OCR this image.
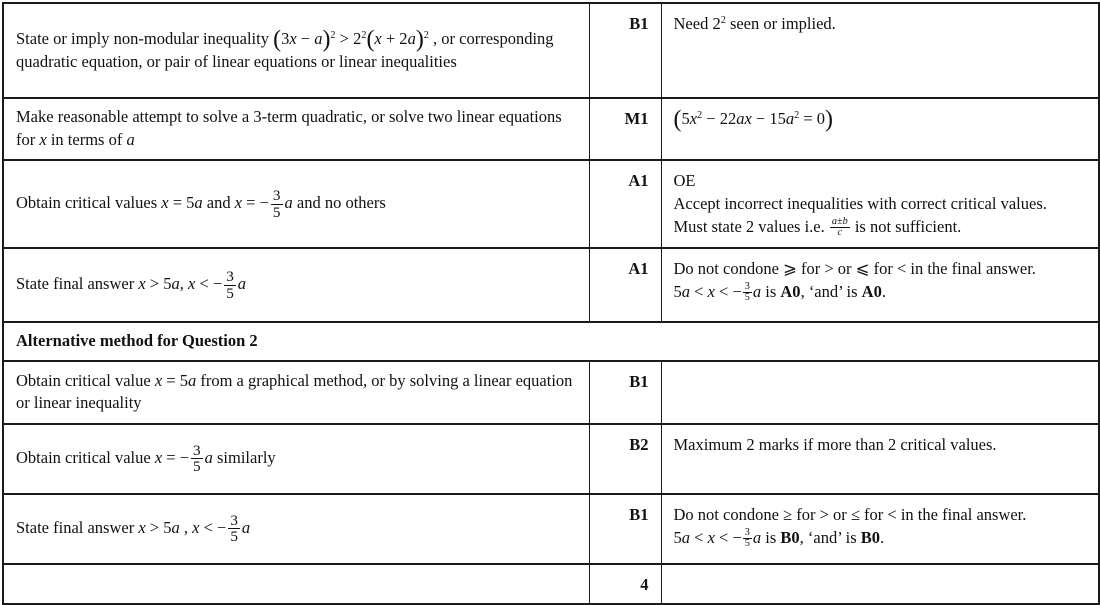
State or imply non-modular inequality $(3x - a)^2 > 2^2(x + 2a)^2$ , or corresponding quadratic equation, or pair of linear equations or linear inequalities	B1	Need $2^2$ seen or implied.
Make reasonable attempt to solve a 3-term quadratic, or solve two linear equations for x in terms of a	M1	$(5x^2 - 22ax - 15a^2 = 0)$
Obtain critical values x = 5a and x = − $\frac{3}{5}$ a and no others	A1	OE
Accept incorrect inequalities with correct critical values.
Must state 2 values i.e. $\frac{a\pm b}{c}$ is not sufficient.
State final answer x > 5a, x < − $\frac{3}{5}$ a	A1	Do not condone ⩾ for > or ⩽ for < in the final answer.
5a < x < − $\frac{3}{5}$ a is A0, ‘and’ is A0.
Alternative method for Question 2		
Obtain critical value x = 5a from a graphical method, or by solving a linear equation or linear inequality	B1	
Obtain critical value x = − $\frac{3}{5}$ a similarly	B2	Maximum 2 marks if more than 2 critical values.
State final answer x > 5a , x < − $\frac{3}{5}$ a	B1	Do not condone ≥ for > or ≤ for < in the final answer.
5a < x < − $\frac{3}{5}$ a is B0, ‘and’ is B0.
	4	
